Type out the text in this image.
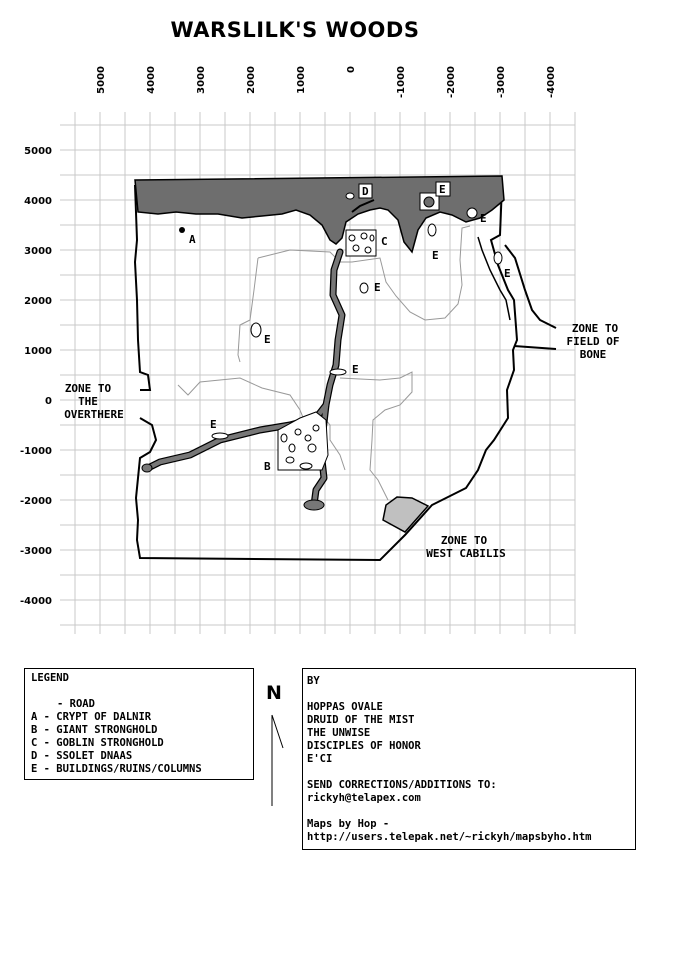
WARSLILK'S WOODS
5000	4000	3000	2000	1000	0	-1000	-2000	-3000	-4000
5000
4000
3000
2000
1000
0
-1000
-2000
-3000
-4000
A
B
C
D	E
E
E
E
E
E
E
E
ZONE TO
THE
OVERTHERE
ZONE TO
FIELD OF
BONE
ZONE TO
WEST CABILIS
N
LEGEND
- ROAD
A - CRYPT OF DALNIR
B - GIANT STRONGHOLD
C - GOBLIN STRONGHOLD
D - SSOLET DNAAS
E - BUILDINGS/RUINS/COLUMNS
BY
HOPPAS OVALE
DRUID OF THE MIST
THE UNWISE
DISCIPLES OF HONOR
E'CI
SEND CORRECTIONS/ADDITIONS TO:
rickyh@telapex.com
Maps by Hop -
http://users.telepak.net/~rickyh/mapsbyho.htm
